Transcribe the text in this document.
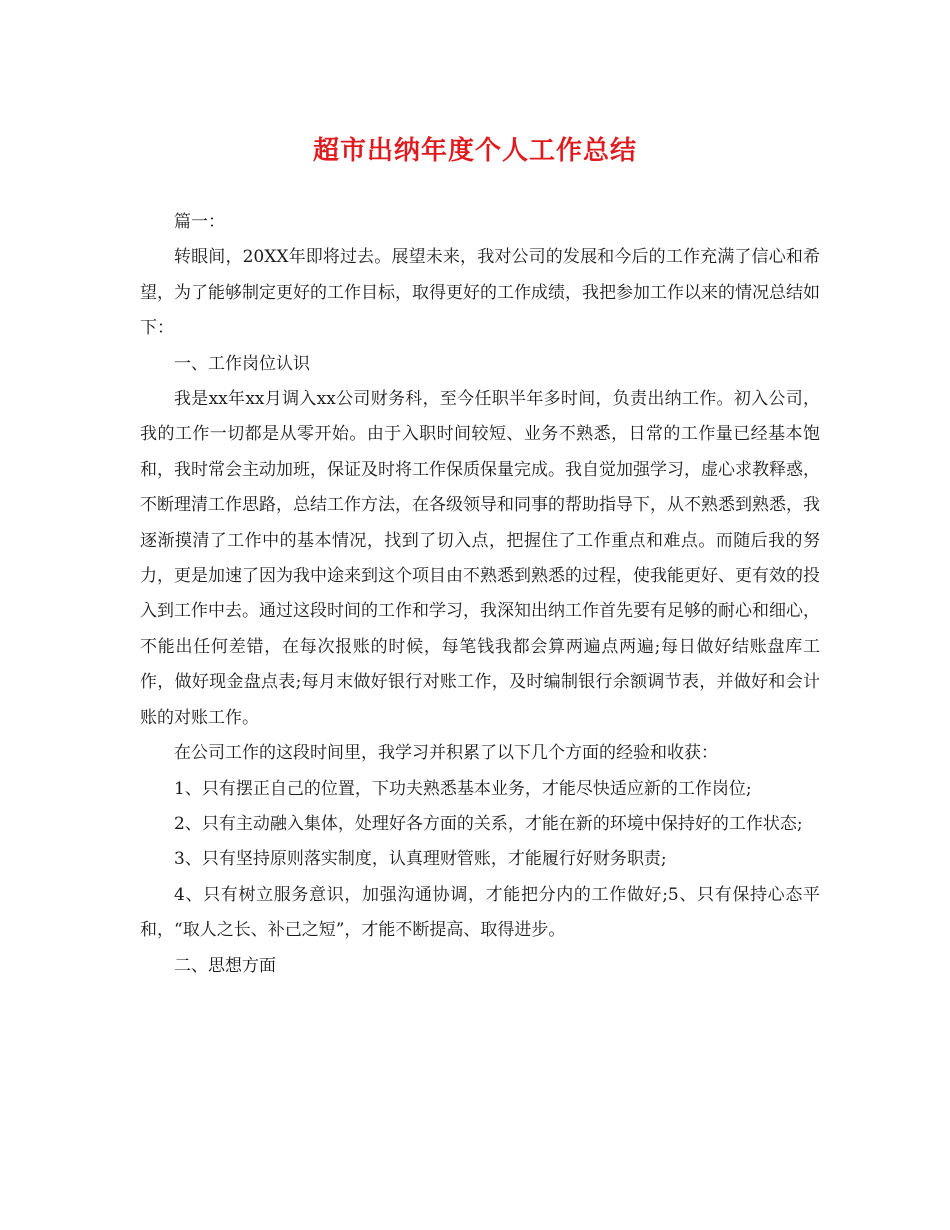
超市出纳年度个人工作总结

篇一：

转眼间，20XX年即将过去。展望未来，我对公司的发展和今后的工作充满了信心和希望，为了能够制定更好的工作目标，取得更好的工作成绩，我把参加工作以来的情况总结如下：

一、工作岗位认识

我是xx年xx月调入xx公司财务科，至今任职半年多时间，负责出纳工作。初入公司，我的工作一切都是从零开始。由于入职时间较短、业务不熟悉，日常的工作量已经基本饱和，我时常会主动加班，保证及时将工作保质保量完成。我自觉加强学习，虚心求教释惑，不断理清工作思路，总结工作方法，在各级领导和同事的帮助指导下，从不熟悉到熟悉，我逐渐摸清了工作中的基本情况，找到了切入点，把握住了工作重点和难点。而随后我的努力，更是加速了因为我中途来到这个项目由不熟悉到熟悉的过程，使我能更好、更有效的投入到工作中去。通过这段时间的工作和学习，我深知出纳工作首先要有足够的耐心和细心，不能出任何差错，在每次报账的时候，每笔钱我都会算两遍点两遍;每日做好结账盘库工作，做好现金盘点表;每月末做好银行对账工作，及时编制银行余额调节表，并做好和会计账的对账工作。

在公司工作的这段时间里，我学习并积累了以下几个方面的经验和收获：

1、只有摆正自己的位置，下功夫熟悉基本业务，才能尽快适应新的工作岗位;

2、只有主动融入集体，处理好各方面的关系，才能在新的环境中保持好的工作状态;

3、只有坚持原则落实制度，认真理财管账，才能履行好财务职责;

4、只有树立服务意识，加强沟通协调，才能把分内的工作做好;5、只有保持心态平和，“取人之长、补己之短”，才能不断提高、取得进步。

二、思想方面
